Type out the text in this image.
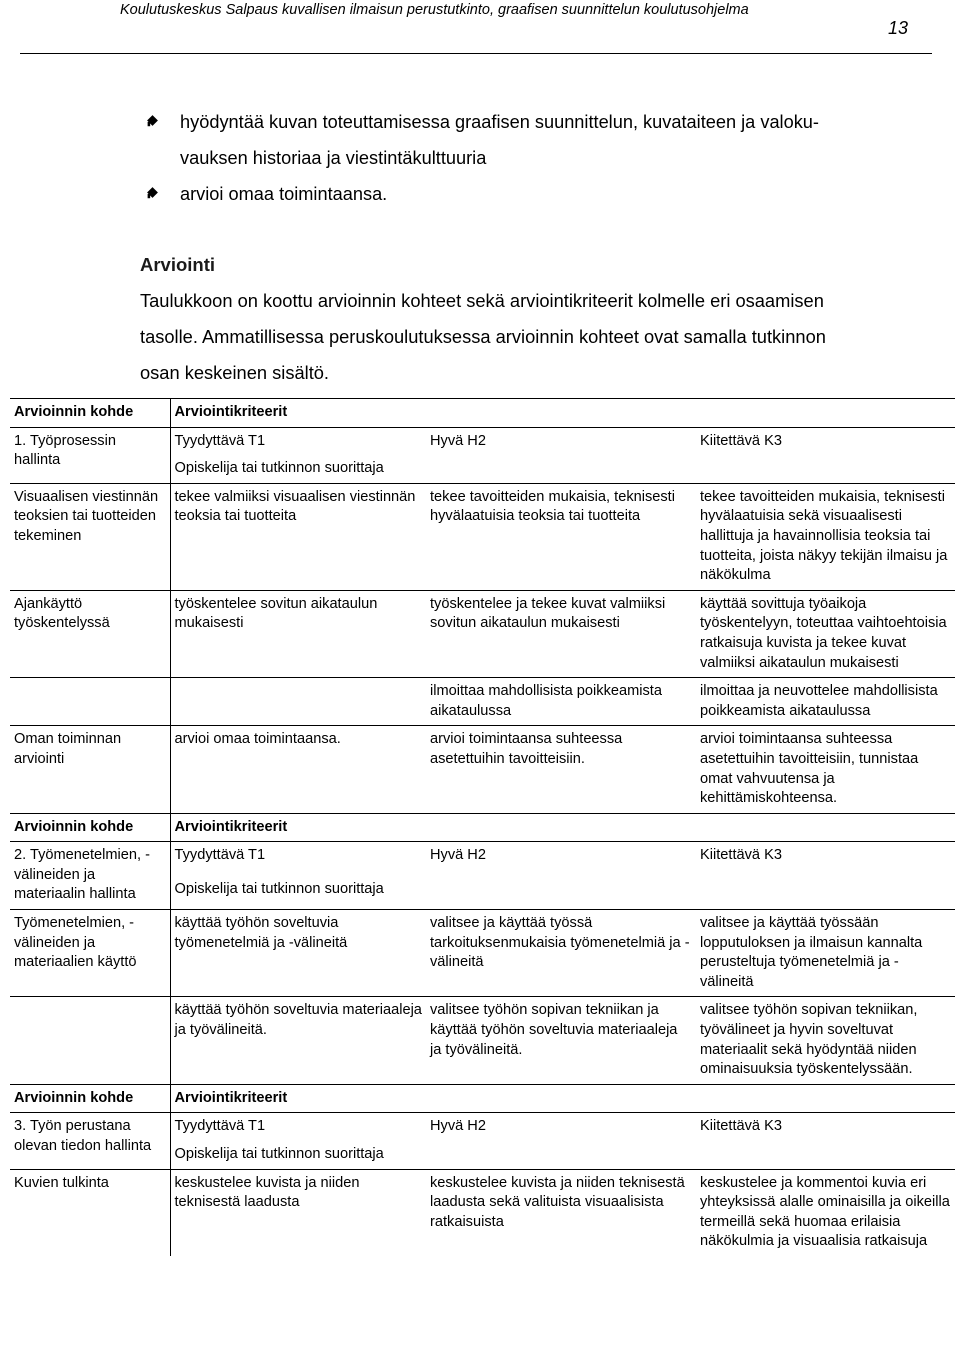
Koulutuskeskus Salpaus kuvallisen ilmaisun perustutkinto, graafisen suunnittelun koulutusohjelma
13
hyödyntää kuvan toteuttamisessa graafisen suunnittelun, kuvataiteen ja valoku-
vauksen historiaa ja viestintäkulttuuria
arvioi omaa toimintaansa.
Arviointi
Taulukkoon on koottu arvioinnin kohteet sekä arviointikriteerit kolmelle eri osaamisen
tasolle. Ammatillisessa peruskoulutuksessa arvioinnin kohteet ovat samalla tutkinnon
osan keskeinen sisältö.
Arvioinnin kohde	Arviointikriteerit		
1. Työprosessin hallinta	Tyydyttävä T1	Hyvä H2	Kiitettävä K3
	Opiskelija tai tutkinnon suorittaja		
Visuaalisen viestinnän teoksien tai tuotteiden tekeminen	tekee valmiiksi visuaalisen viestinnän teoksia tai tuotteita	tekee tavoitteiden mukaisia, teknisesti hyvälaatuisia teoksia tai tuotteita	tekee tavoitteiden mukaisia, teknisesti hyvälaatuisia sekä visuaalisesti hallittuja ja havainnollisia teoksia tai tuotteita, joista näkyy tekijän ilmaisu ja näkökulma
Ajankäyttö työskentelyssä	työskentelee sovitun aikataulun mukaisesti	työskentelee ja tekee kuvat valmiiksi sovitun aikataulun mukaisesti	käyttää sovittuja työaikoja työskentelyyn, toteuttaa vaihtoehtoisia ratkaisuja kuvista ja tekee kuvat valmiiksi aikataulun mukaisesti
		ilmoittaa mahdollisista poikkeamista aikataulussa	ilmoittaa ja neuvottelee mahdollisista poikkeamista aikataulussa
Oman toiminnan arviointi	arvioi omaa toimintaansa.	arvioi toimintaansa suhteessa asetettuihin tavoitteisiin.	arvioi toimintaansa suhteessa asetettuihin tavoitteisiin, tunnistaa omat vahvuutensa ja kehittämiskohteensa.
Arvioinnin kohde	Arviointikriteerit		
2. Työmenetelmien, -välineiden ja materiaalin hallinta	Tyydyttävä T1	Hyvä H2	Kiitettävä K3
	Opiskelija tai tutkinnon suorittaja		
Työmenetelmien, -välineiden ja materiaalien käyttö	käyttää työhön soveltuvia työmenetelmiä ja -välineitä	valitsee ja käyttää työssä tarkoituksenmukaisia työmenetelmiä ja -välineitä	valitsee ja käyttää työssään lopputuloksen ja ilmaisun kannalta perusteltuja työmenetelmiä ja -välineitä
	käyttää työhön soveltuvia materiaaleja ja työvälineitä.	valitsee työhön sopivan tekniikan ja käyttää työhön soveltuvia materiaaleja ja työvälineitä.	valitsee työhön sopivan tekniikan, työvälineet ja hyvin soveltuvat materiaalit sekä hyödyntää niiden ominaisuuksia työskentelyssään.
Arvioinnin kohde	Arviointikriteerit		
3. Työn perustana olevan tiedon hallinta	Tyydyttävä T1	Hyvä H2	Kiitettävä K3
	Opiskelija tai tutkinnon suorittaja		
Kuvien tulkinta	keskustelee kuvista ja niiden teknisestä laadusta	keskustelee kuvista ja niiden teknisestä laadusta sekä valituista visuaalisista ratkaisuista	keskustelee ja kommentoi kuvia eri yhteyksissä alalle ominaisilla ja oikeilla termeillä sekä huomaa erilaisia näkökulmia ja visuaalisia ratkaisuja
